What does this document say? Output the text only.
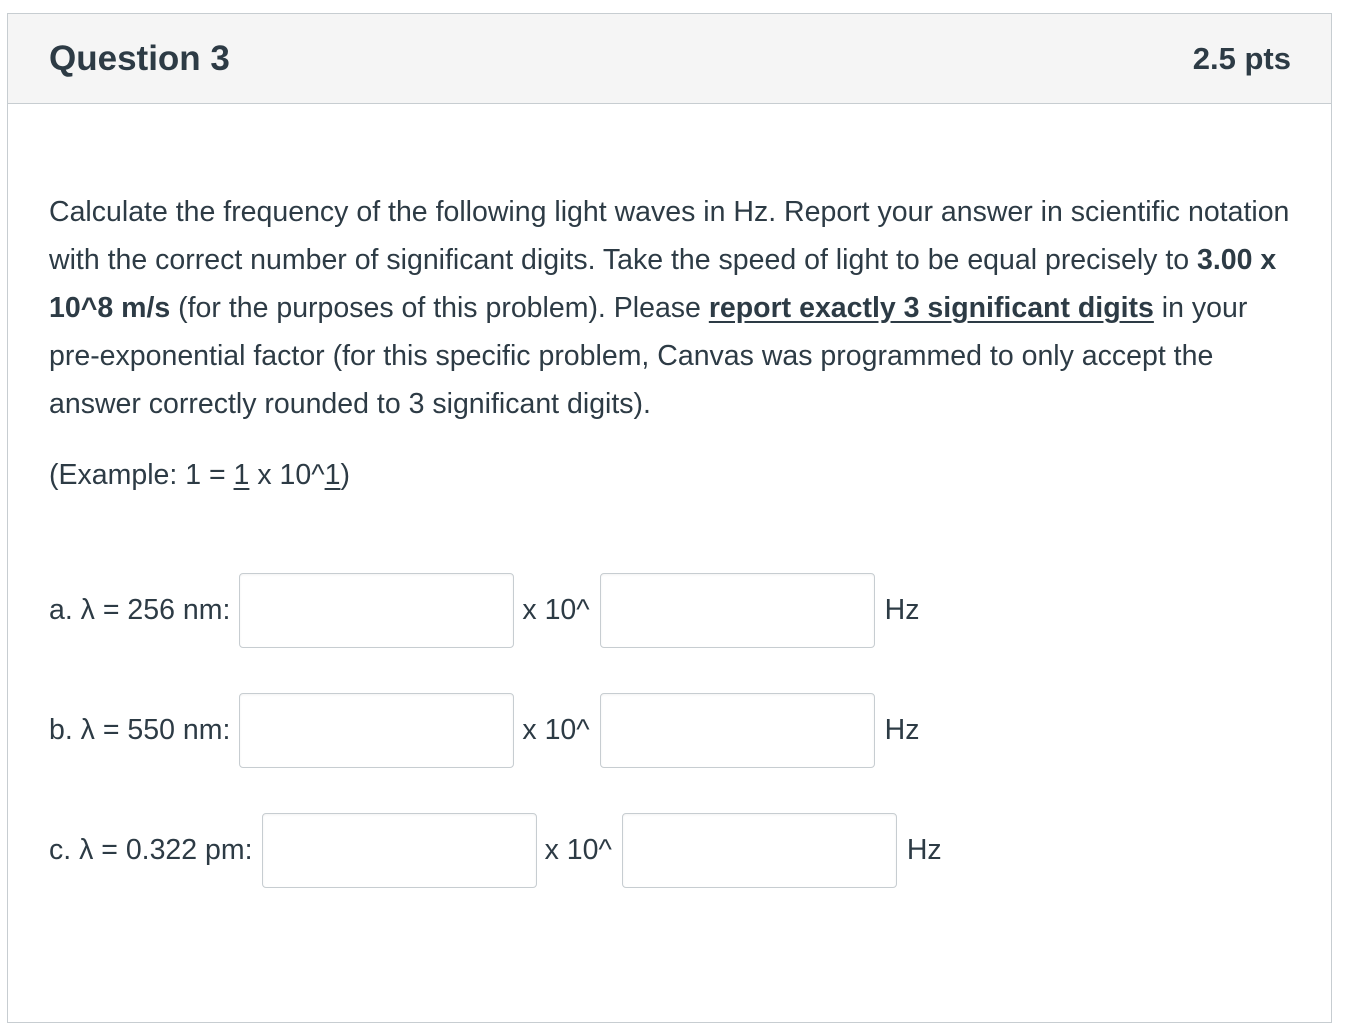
Question 3	2.5 pts

Calculate the frequency of the following light waves in Hz. Report your answer in scientific notation with the correct number of significant digits. Take the speed of light to be equal precisely to 3.00 x 10^8 m/s (for the purposes of this problem). Please report exactly 3 significant digits in your pre-exponential factor (for this specific problem, Canvas was programmed to only accept the answer correctly rounded to 3 significant digits).

(Example: 1 = 1 x 10^1)
a. λ = 256 nm:	x 10^	Hz
b. λ = 550 nm:	x 10^	Hz
c. λ = 0.322 pm:	x 10^	Hz
